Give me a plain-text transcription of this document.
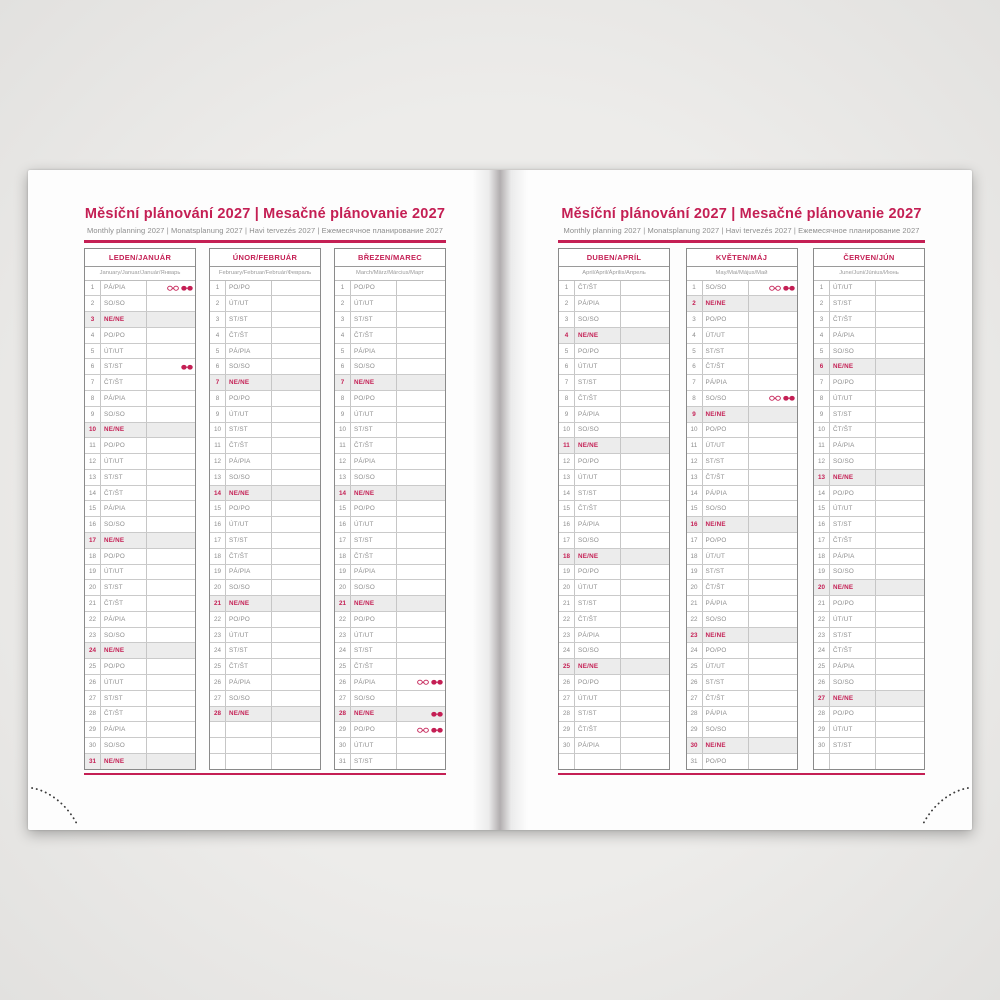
Měsíční plánování 2027 | Mesačné plánovanie 2027
Monthly planning 2027 | Monatsplanung 2027 | Havi tervezés 2027 | Ежемесячное планирование 2027
LEDEN/JANUÁR
January/Januar/Január/Январь
1	PÁ/PIA
2	SO/SO
3	NE/NE
4	PO/PO
5	ÚT/UT
6	ST/ST
7	ČT/ŠT
8	PÁ/PIA
9	SO/SO
10	NE/NE
11	PO/PO
12	ÚT/UT
13	ST/ST
14	ČT/ŠT
15	PÁ/PIA
16	SO/SO
17	NE/NE
18	PO/PO
19	ÚT/UT
20	ST/ST
21	ČT/ŠT
22	PÁ/PIA
23	SO/SO
24	NE/NE
25	PO/PO
26	ÚT/UT
27	ST/ST
28	ČT/ŠT
29	PÁ/PIA
30	SO/SO
31	NE/NE
ÚNOR/FEBRUÁR
February/Februar/Február/Февраль
1	PO/PO
2	ÚT/UT
3	ST/ST
4	ČT/ŠT
5	PÁ/PIA
6	SO/SO
7	NE/NE
8	PO/PO
9	ÚT/UT
10	ST/ST
11	ČT/ŠT
12	PÁ/PIA
13	SO/SO
14	NE/NE
15	PO/PO
16	ÚT/UT
17	ST/ST
18	ČT/ŠT
19	PÁ/PIA
20	SO/SO
21	NE/NE
22	PO/PO
23	ÚT/UT
24	ST/ST
25	ČT/ŠT
26	PÁ/PIA
27	SO/SO
28	NE/NE
BŘEZEN/MAREC
March/März/Március/Март
1	PO/PO
2	ÚT/UT
3	ST/ST
4	ČT/ŠT
5	PÁ/PIA
6	SO/SO
7	NE/NE
8	PO/PO
9	ÚT/UT
10	ST/ST
11	ČT/ŠT
12	PÁ/PIA
13	SO/SO
14	NE/NE
15	PO/PO
16	ÚT/UT
17	ST/ST
18	ČT/ŠT
19	PÁ/PIA
20	SO/SO
21	NE/NE
22	PO/PO
23	ÚT/UT
24	ST/ST
25	ČT/ŠT
26	PÁ/PIA
27	SO/SO
28	NE/NE
29	PO/PO
30	ÚT/UT
31	ST/ST
Měsíční plánování 2027 | Mesačné plánovanie 2027
Monthly planning 2027 | Monatsplanung 2027 | Havi tervezés 2027 | Ежемесячное планирование 2027
DUBEN/APRÍL
April/April/Április/Апрель
1	ČT/ŠT
2	PÁ/PIA
3	SO/SO
4	NE/NE
5	PO/PO
6	ÚT/UT
7	ST/ST
8	ČT/ŠT
9	PÁ/PIA
10	SO/SO
11	NE/NE
12	PO/PO
13	ÚT/UT
14	ST/ST
15	ČT/ŠT
16	PÁ/PIA
17	SO/SO
18	NE/NE
19	PO/PO
20	ÚT/UT
21	ST/ST
22	ČT/ŠT
23	PÁ/PIA
24	SO/SO
25	NE/NE
26	PO/PO
27	ÚT/UT
28	ST/ST
29	ČT/ŠT
30	PÁ/PIA
KVĚTEN/MÁJ
May/Mai/Május/Май
1	SO/SO
2	NE/NE
3	PO/PO
4	ÚT/UT
5	ST/ST
6	ČT/ŠT
7	PÁ/PIA
8	SO/SO
9	NE/NE
10	PO/PO
11	ÚT/UT
12	ST/ST
13	ČT/ŠT
14	PÁ/PIA
15	SO/SO
16	NE/NE
17	PO/PO
18	ÚT/UT
19	ST/ST
20	ČT/ŠT
21	PÁ/PIA
22	SO/SO
23	NE/NE
24	PO/PO
25	ÚT/UT
26	ST/ST
27	ČT/ŠT
28	PÁ/PIA
29	SO/SO
30	NE/NE
31	PO/PO
ČERVEN/JÚN
June/Juni/Június/Июнь
1	ÚT/UT
2	ST/ST
3	ČT/ŠT
4	PÁ/PIA
5	SO/SO
6	NE/NE
7	PO/PO
8	ÚT/UT
9	ST/ST
10	ČT/ŠT
11	PÁ/PIA
12	SO/SO
13	NE/NE
14	PO/PO
15	ÚT/UT
16	ST/ST
17	ČT/ŠT
18	PÁ/PIA
19	SO/SO
20	NE/NE
21	PO/PO
22	ÚT/UT
23	ST/ST
24	ČT/ŠT
25	PÁ/PIA
26	SO/SO
27	NE/NE
28	PO/PO
29	ÚT/UT
30	ST/ST
